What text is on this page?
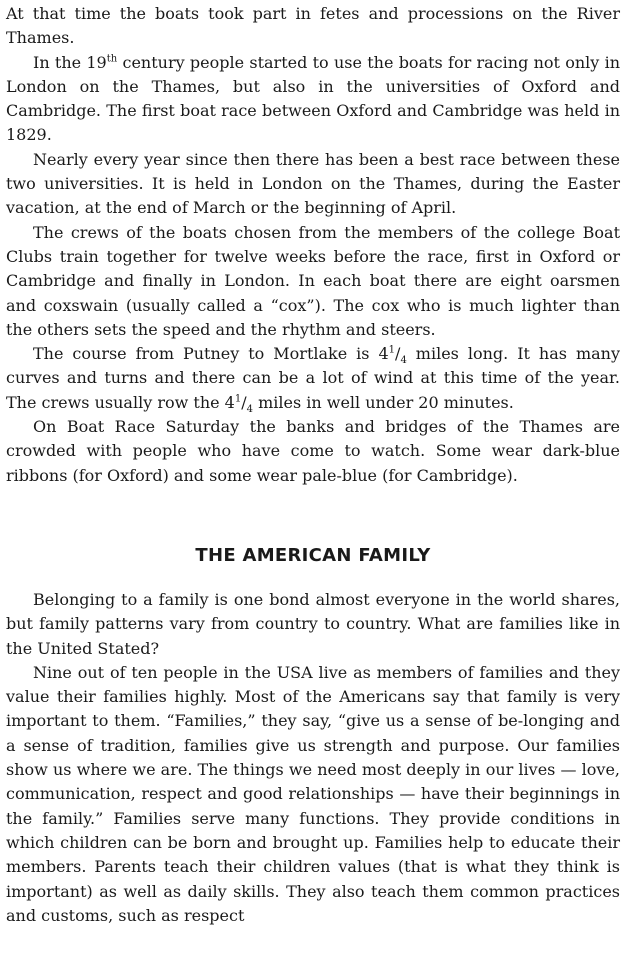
At that time the boats took part in fetes and processions on the River Thames.

In the 19th century people started to use the boats for racing not only in London on the Thames, but also in the universities of Oxford and Cambridge. The first boat race between Oxford and Cambridge was held in 1829.

Nearly every year since then there has been a best race between these two universities. It is held in London on the Thames, during the Easter vacation, at the end of March or the beginning of April.

The crews of the boats chosen from the members of the college Boat Clubs train together for twelve weeks before the race, first in Oxford or Cambridge and finally in London. In each boat there are eight oarsmen and coxswain (usually called a “cox”). The cox who is much lighter than the others sets the speed and the rhythm and steers.

The course from Putney to Mortlake is $4^1/_4$ miles long. It has many curves and turns and there can be a lot of wind at this time of the year. The crews usually row the $4^1/_4$ miles in well under 20 minutes.

On Boat Race Saturday the banks and bridges of the Thames are crowded with people who have come to watch. Some wear dark-blue ribbons (for Oxford) and some wear pale-blue (for Cambridge).

THE AMERICAN FAMILY

Belonging to a family is one bond almost everyone in the world shares, but family patterns vary from country to country. What are families like in the United Stated?

Nine out of ten people in the USA live as members of families and they value their families highly. Most of the Americans say that family is very important to them. “Families,” they say, “give us a sense of be-longing and a sense of tradition, families give us strength and purpose. Our families show us where we are. The things we need most deeply in our lives — love, communication, respect and good relationships — have their beginnings in the family.” Families serve many functions. They provide conditions in which children can be born and brought up. Families help to educate their members. Parents teach their children values (that is what they think is important) as well as daily skills. They also teach them common practices and customs, such as respect
